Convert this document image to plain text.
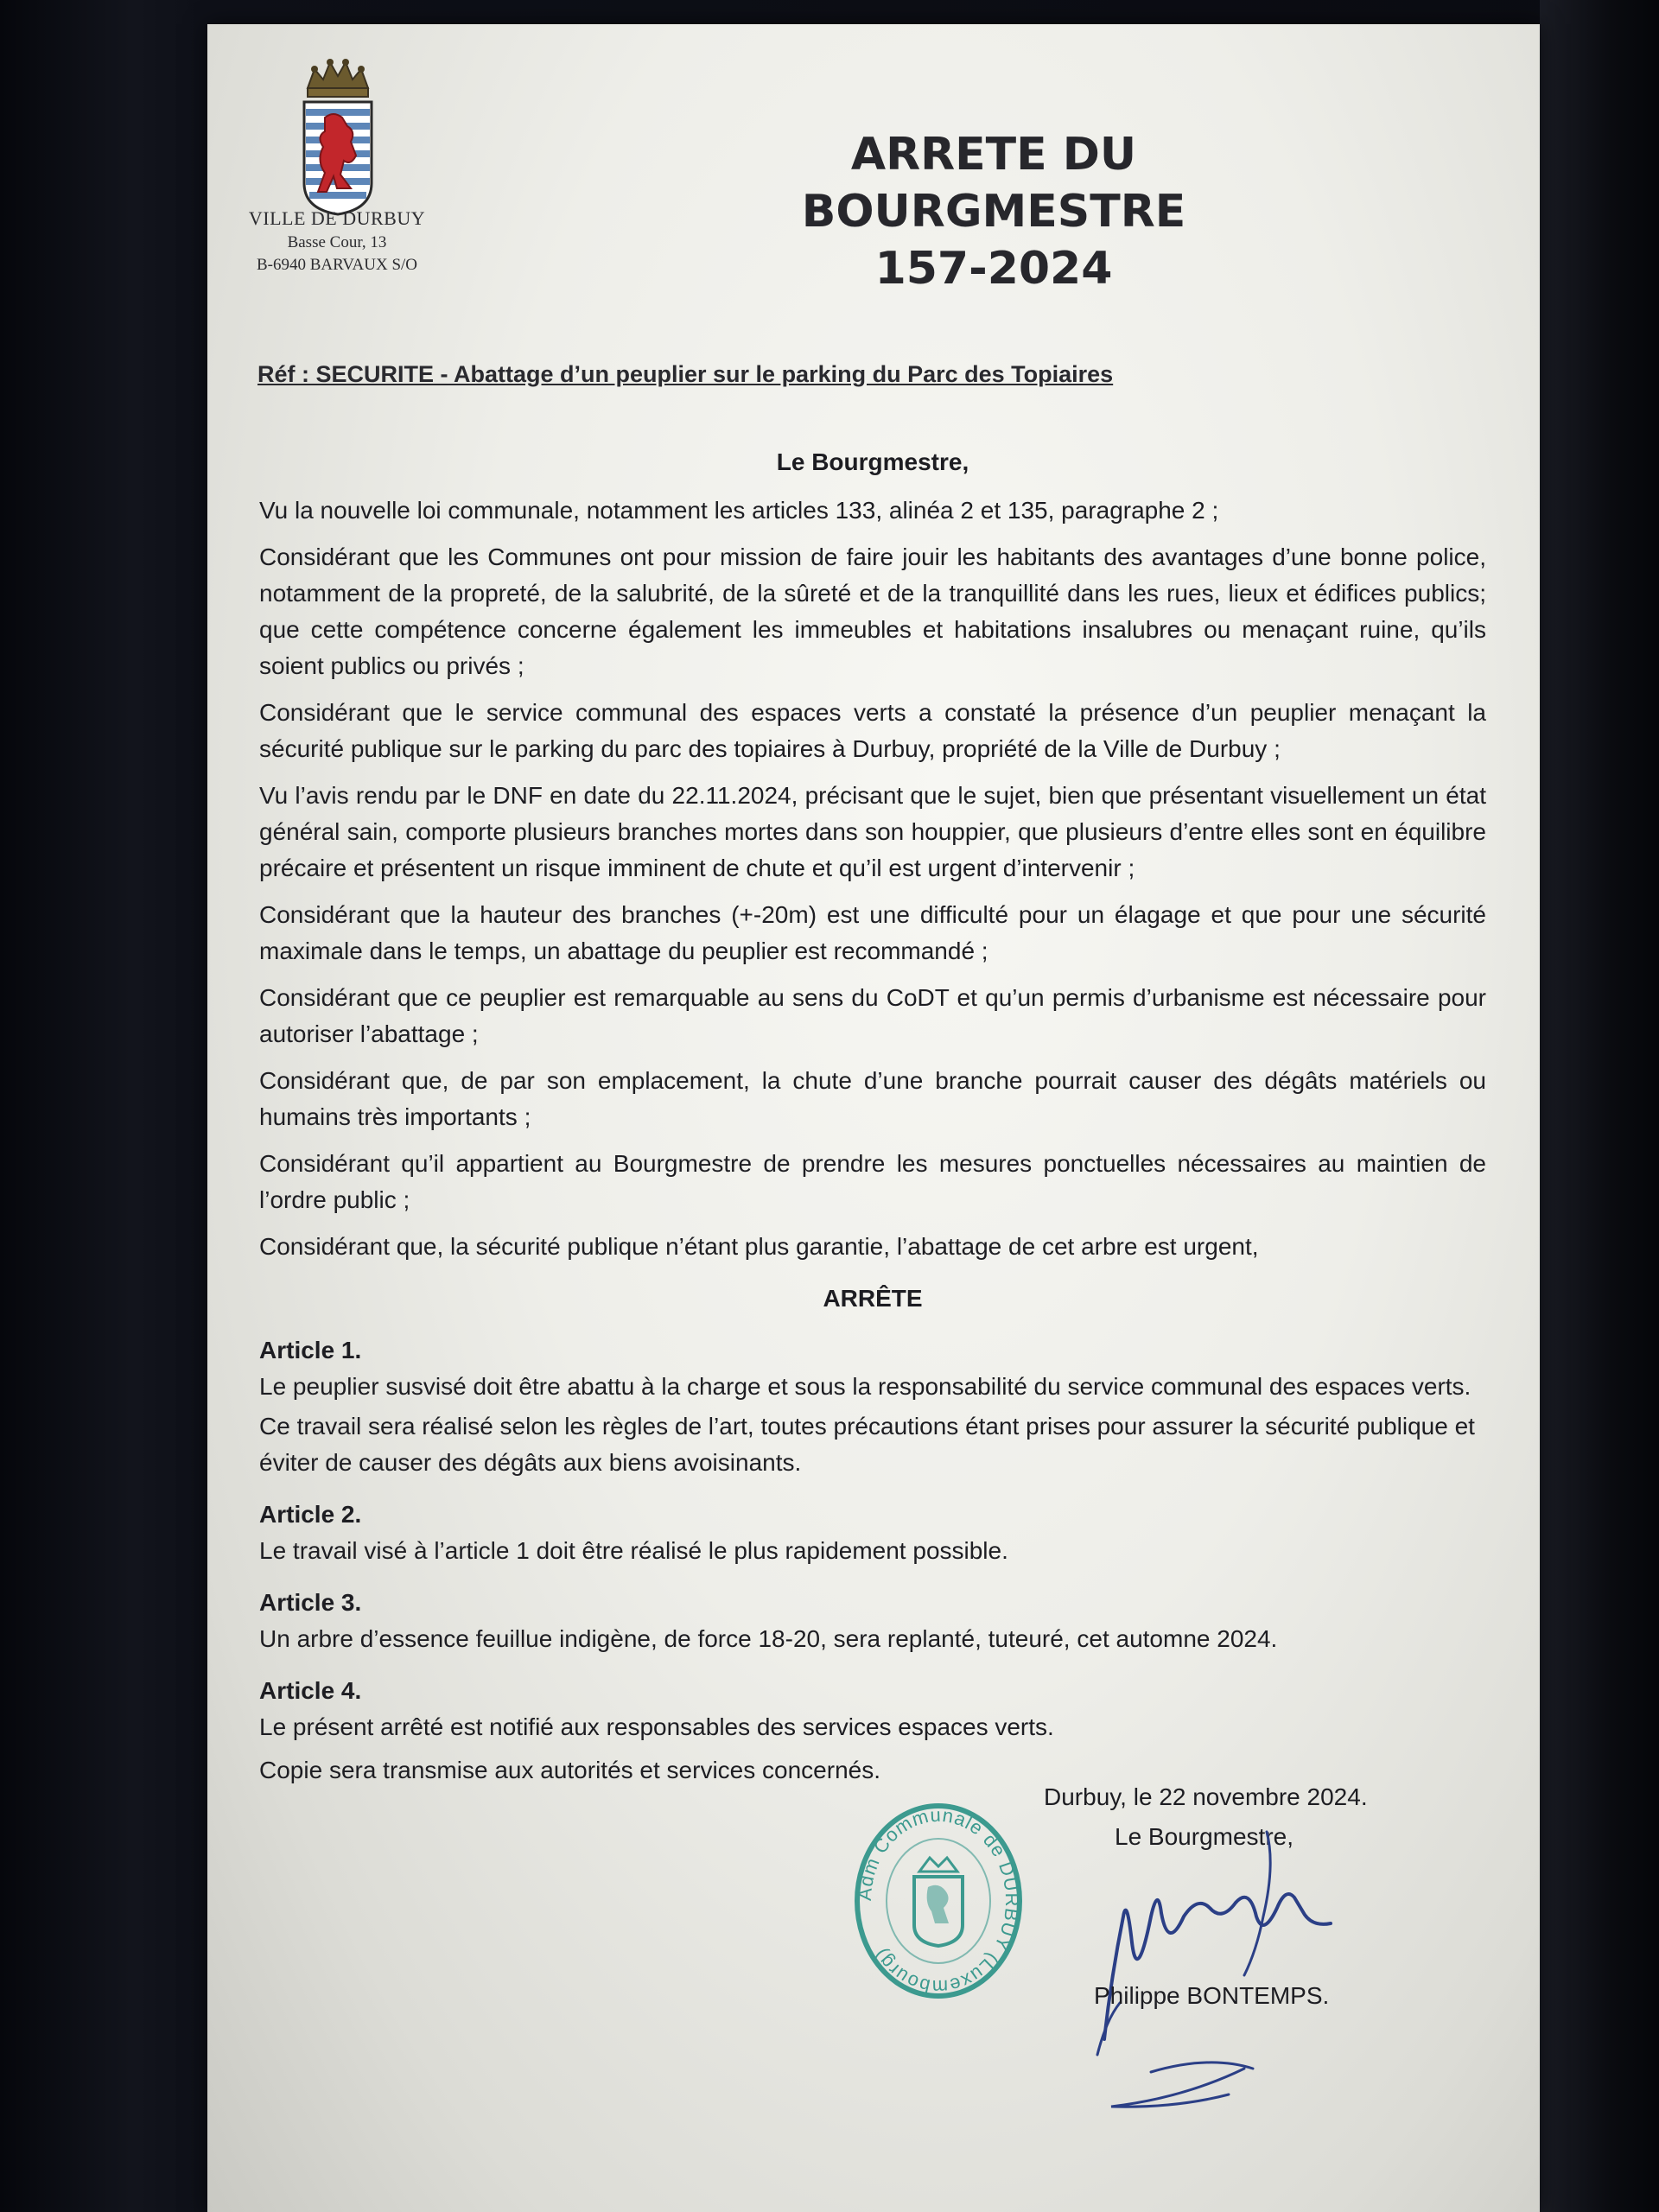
VILLE DE DURBUY
Basse Cour, 13
B-6940 BARVAUX S/O
ARRETE DU BOURGMESTRE
157-2024
Réf : SECURITE - Abattage d’un peuplier sur le parking du Parc des Topiaires
Le Bourgmestre,

Vu la nouvelle loi communale, notamment les articles 133, alinéa 2 et 135, paragraphe 2 ;

Considérant que les Communes ont pour mission de faire jouir les habitants des avantages d’une bonne police, notamment de la propreté, de la salubrité, de la sûreté et de la tranquillité dans les rues, lieux et édifices publics; que cette compétence concerne également les immeubles et habitations insalubres ou menaçant ruine, qu’ils soient publics ou privés ;

Considérant que le service communal des espaces verts a constaté la présence d’un peuplier menaçant la sécurité publique sur le parking du parc des topiaires à Durbuy, propriété de la Ville de Durbuy ;

Vu l’avis rendu par le DNF en date du 22.11.2024, précisant que le sujet, bien que présentant visuellement un état général sain, comporte plusieurs branches mortes dans son houppier, que plusieurs d’entre elles sont en équilibre précaire et présentent un risque imminent de chute et qu’il est urgent d’intervenir ;

Considérant que la hauteur des branches (+-20m) est une difficulté pour un élagage et que pour une sécurité maximale dans le temps, un abattage du peuplier est recommandé ;

Considérant que ce peuplier est remarquable au sens du CoDT et qu’un permis d’urbanisme est nécessaire pour autoriser l’abattage ;

Considérant que, de par son emplacement, la chute d’une branche pourrait causer des dégâts matériels ou humains très importants ;

Considérant qu’il appartient au Bourgmestre de prendre les mesures ponctuelles nécessaires au maintien de l’ordre public ;

Considérant que, la sécurité publique n’étant plus garantie, l’abattage de cet arbre est urgent,

ARRÊTE
Article 1.
Le peuplier susvisé doit être abattu à la charge et sous la responsabilité du service communal des espaces verts.
Ce travail sera réalisé selon les règles de l’art, toutes précautions étant prises pour assurer la sécurité publique et éviter de causer des dégâts aux biens avoisinants.
Article 2.
Le travail visé à l’article 1 doit être réalisé le plus rapidement possible.
Article 3.
Un arbre d’essence feuillue indigène, de force 18-20, sera replanté, tuteuré, cet automne 2024.
Article 4.
Le présent arrêté est notifié aux responsables des services espaces verts.
Copie sera transmise aux autorités et services concernés.
Adm Communale de DURBUY (Luxembourg)
Durbuy, le 22 novembre 2024.
Le Bourgmestre,
Philippe BONTEMPS.
